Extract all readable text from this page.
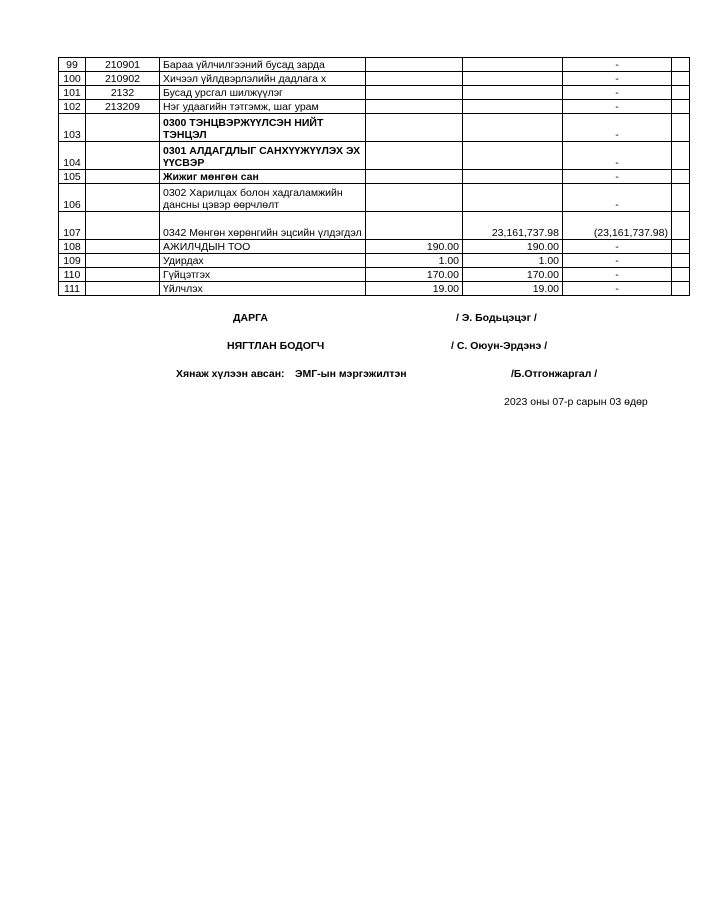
99	210901	Бараа үйлчилгээний бусад зарда			-	
100	210902	Хичээл үйлдвэрлэлийн дадлага х			-	
101	2132	Бусад урсгал шилжүүлэг			-	
102	213209	Нэг удаагийн тэтгэмж, шаг урам			-	
103		0300 ТЭНЦВЭРЖҮҮЛСЭН НИЙТ ТЭНЦЭЛ			-	
104		0301 АЛДАГДЛЫГ САНХҮҮЖҮҮЛЭХ ЭХ ҮҮСВЭР			-	
105		Жижиг мөнгөн сан			-	
106		0302 Харилцах болон хадгаламжийн дансны цэвэр өөрчлөлт			-	
107		0342 Мөнгөн хөрөнгийн эцсийн үлдэгдэл		23,161,737.98	(23,161,737.98)	
108		АЖИЛЧДЫН ТОО	190.00	190.00	-	
109		Удирдах	1.00	1.00	-	
110		Гүйцэтгэх	170.00	170.00	-	
111		Үйлчлэх	19.00	19.00	-	
ДАРГА	/ Э. Бодьцэцэг /
НЯГТЛАН БОДОГЧ	/ С. Оюун-Эрдэнэ /
Хянаж хүлээн авсан: ЭМГ-ын мэргэжилтэн	/Б.Отгонжаргал /
2023 оны 07-р сарын 03 өдөр
